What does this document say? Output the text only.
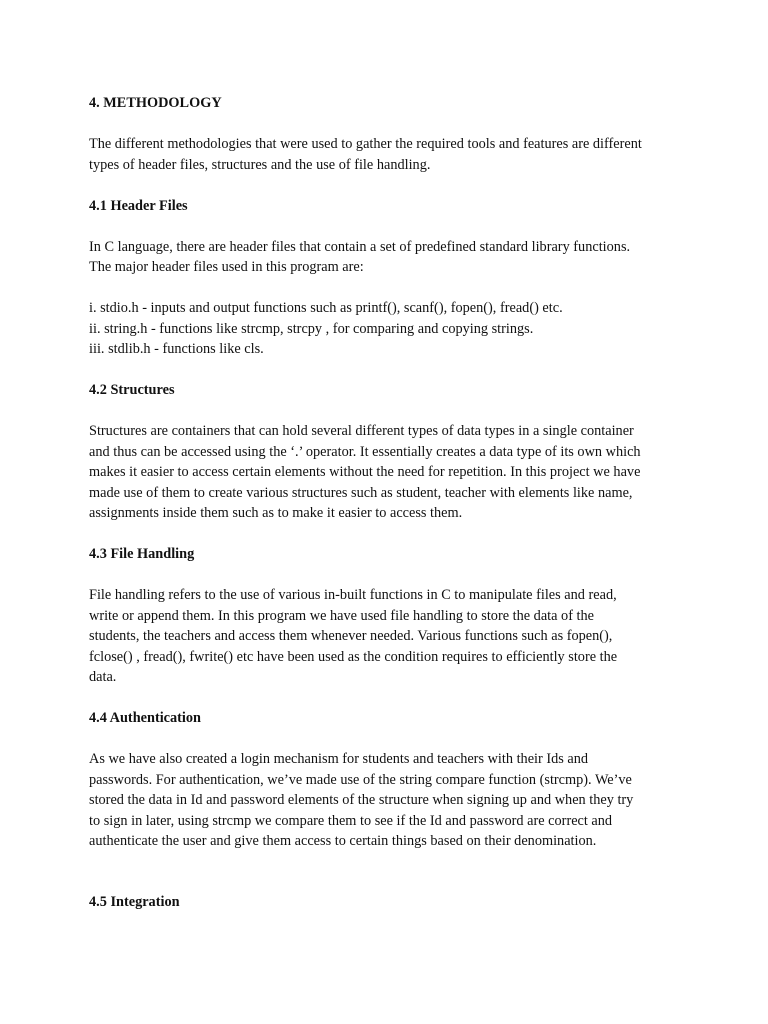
4. METHODOLOGY

The different methodologies that were used to gather the required tools and features are different
types of header files, structures and the use of file handling.

4.1 Header Files

In C language, there are header files that contain a set of predefined standard library functions.
The major header files used in this program are:

i. stdio.h - inputs and output functions such as printf(), scanf(), fopen(), fread() etc.
ii. string.h - functions like strcmp, strcpy , for comparing and copying strings.
iii. stdlib.h - functions like cls.

4.2 Structures

Structures are containers that can hold several different types of data types in a single container
and thus can be accessed using the ‘.’ operator. It essentially creates a data type of its own which
makes it easier to access certain elements without the need for repetition. In this project we have
made use of them to create various structures such as student, teacher with elements like name,
assignments inside them such as to make it easier to access them.

4.3 File Handling

File handling refers to the use of various in-built functions in C to manipulate files and read,
write or append them. In this program we have used file handling to store the data of the
students, the teachers and access them whenever needed. Various functions such as fopen(),
fclose() , fread(), fwrite() etc have been used as the condition requires to efficiently store the
data.

4.4 Authentication

As we have also created a login mechanism for students and teachers with their Ids and
passwords. For authentication, we’ve made use of the string compare function (strcmp). We’ve
stored the data in Id and password elements of the structure when signing up and when they try
to sign in later, using strcmp we compare them to see if the Id and password are correct and
authenticate the user and give them access to certain things based on their denomination.

4.5 Integration
